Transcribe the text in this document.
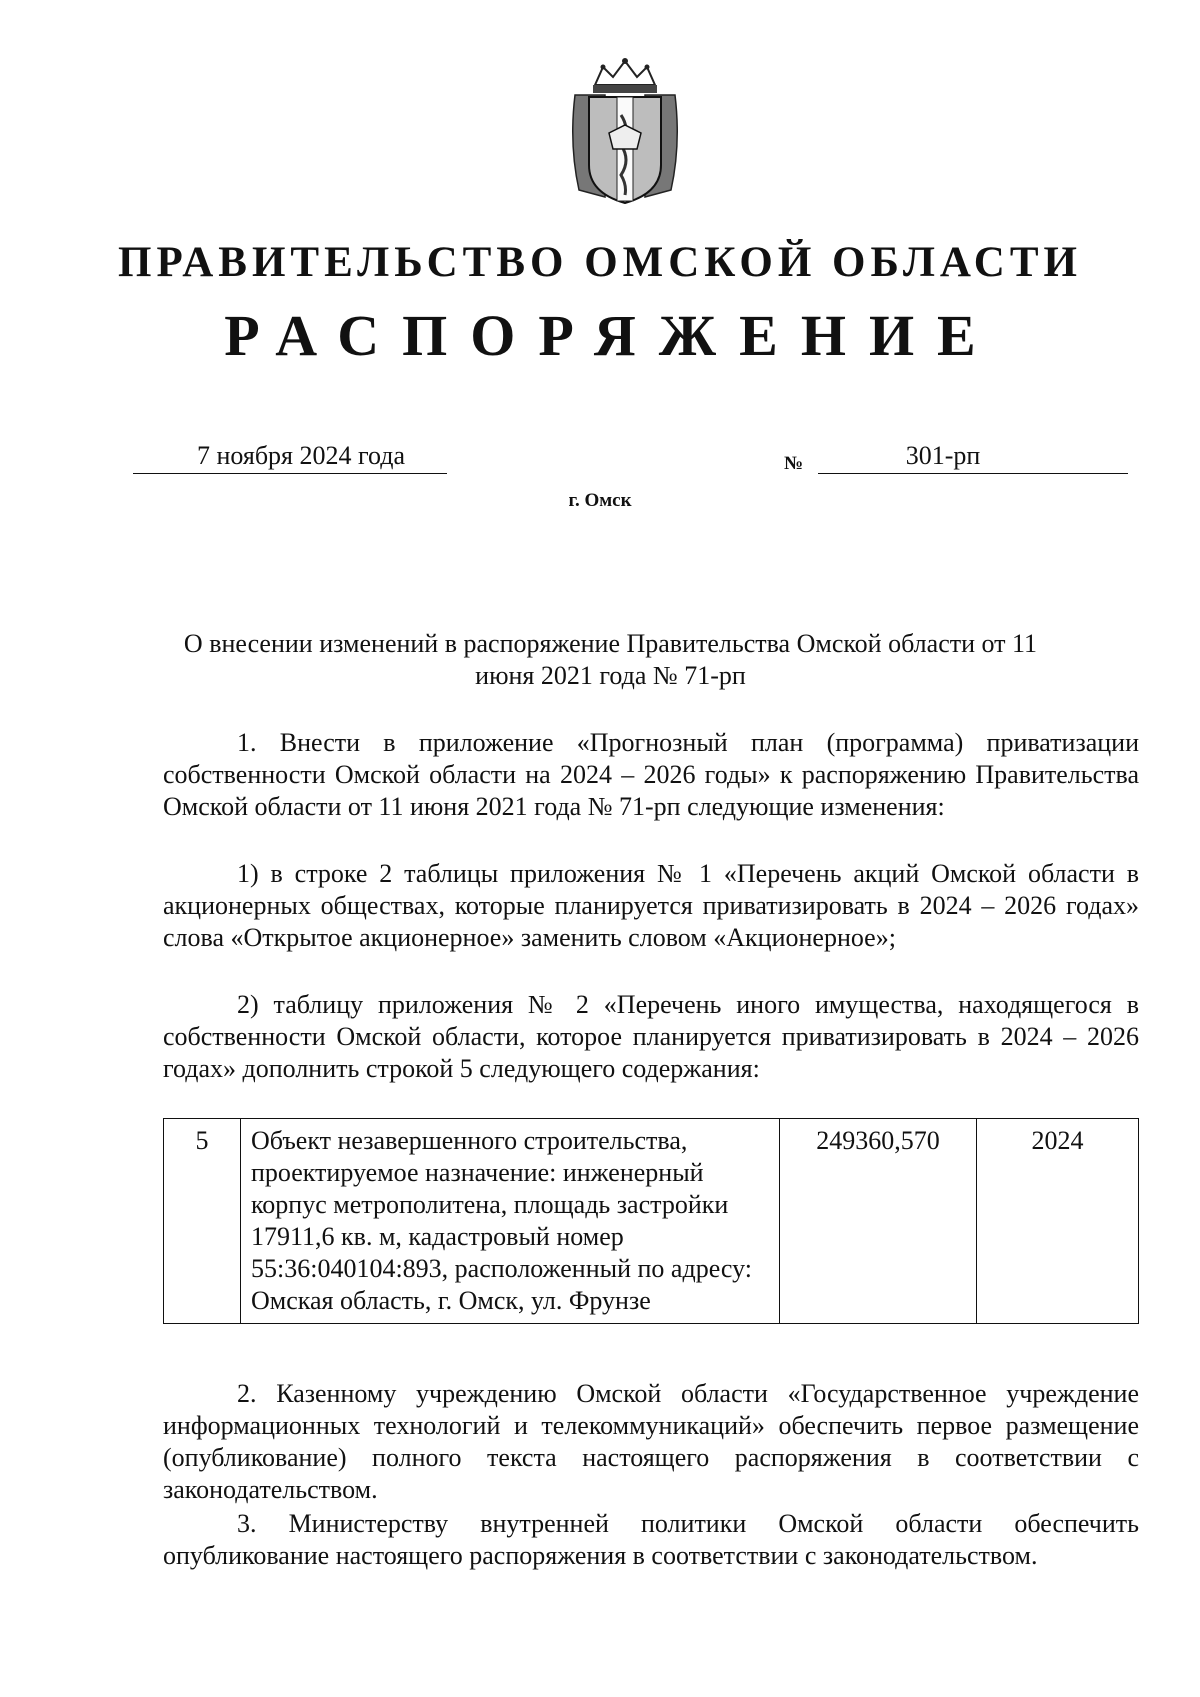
ПРАВИТЕЛЬСТВО ОМСКОЙ ОБЛАСТИ
РАСПОРЯЖЕНИЕ
7 ноября 2024 года	№	301-рп
г. Омск
О внесении изменений в распоряжение Правительства Омской области от 11 июня 2021 года № 71-рп

1. Внести в приложение «Прогнозный план (программа) приватизации собственности Омской области на 2024 – 2026 годы» к распоряжению Правительства Омской области от 11 июня 2021 года № 71-рп следующие изменения:

1) в строке 2 таблицы приложения № 1 «Перечень акций Омской области в акционерных обществах, которые планируется приватизировать в 2024 – 2026 годах» слова «Открытое акционерное» заменить словом «Акционерное»;

2) таблицу приложения № 2 «Перечень иного имущества, находящегося в собственности Омской области, которое планируется приватизировать в 2024 – 2026 годах» дополнить строкой 5 следующего содержания:

5	Объект незавершенного строительства, проектируемое назначение: инженерный корпус метрополитена, площадь застройки 17911,6 кв. м, кадастровый номер 55:36:040104:893, расположенный по адресу: Омская область, г. Омск, ул. Фрунзе	249360,570	2024

2. Казенному учреждению Омской области «Государственное учреждение информационных технологий и телекоммуникаций» обеспечить первое размещение (опубликование) полного текста настоящего распоряжения в соответствии с законодательством.

3. Министерству внутренней политики Омской области обеспечить опубликование настоящего распоряжения в соответствии с законодательством.
